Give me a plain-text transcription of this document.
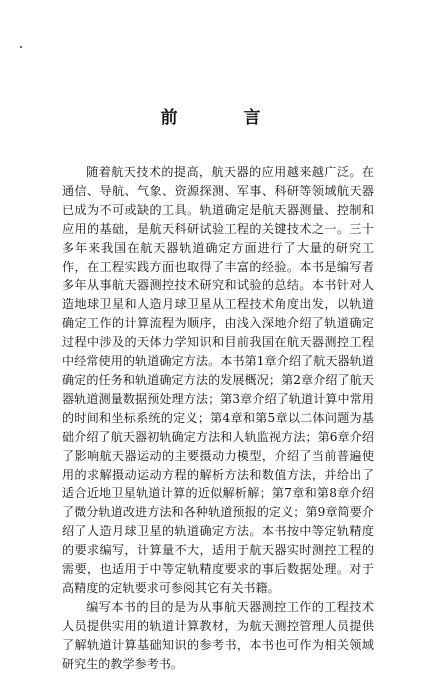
前 言

随着航天技术的提高，航天器的应用越来越广泛。在通信、导航、气象、资源探测、军事、科研等领域航天器已成为不可或缺的工具。轨道确定是航天器测量、控制和应用的基础，是航天科研试验工程的关键技术之一。三十多年来我国在航天器轨道确定方面进行了大量的研究工作，在工程实践方面也取得了丰富的经验。本书是编写者多年从事航天器测控技术研究和试验的总结。本书针对人造地球卫星和人造月球卫星从工程技术角度出发，以轨道确定工作的计算流程为顺序，由浅入深地介绍了轨道确定过程中涉及的天体力学知识和目前我国在航天器测控工程中经常使用的轨道确定方法。本书第1章介绍了航天器轨道确定的任务和轨道确定方法的发展概况；第2章介绍了航天器轨道测量数据预处理方法；第3章介绍了轨道计算中常用的时间和坐标系统的定义；第4章和第5章以二体问题为基础介绍了航天器初轨确定方法和人轨监视方法；第6章介绍了影响航天器运动的主要摄动力模型，介绍了当前普遍使用的求解摄动运动方程的解析方法和数值方法，并给出了适合近地卫星轨道计算的近似解析解；第7章和第8章介绍了微分轨道改进方法和各种轨道预报的定义；第9章简要介绍了人造月球卫星的轨道确定方法。本书按中等定轨精度的要求编写，计算量不大，适用于航天器实时测控工程的需要，也适用于中等定轨精度要求的事后数据处理。对于高精度的定轨要求可参阅其它有关书籍。

编写本书的目的是为从事航天器测控工作的工程技术人员提供实用的轨道计算教材，为航天测控管理人员提供了解轨道计算基础知识的参考书，本书也可作为相关领域研究生的教学参考书。
